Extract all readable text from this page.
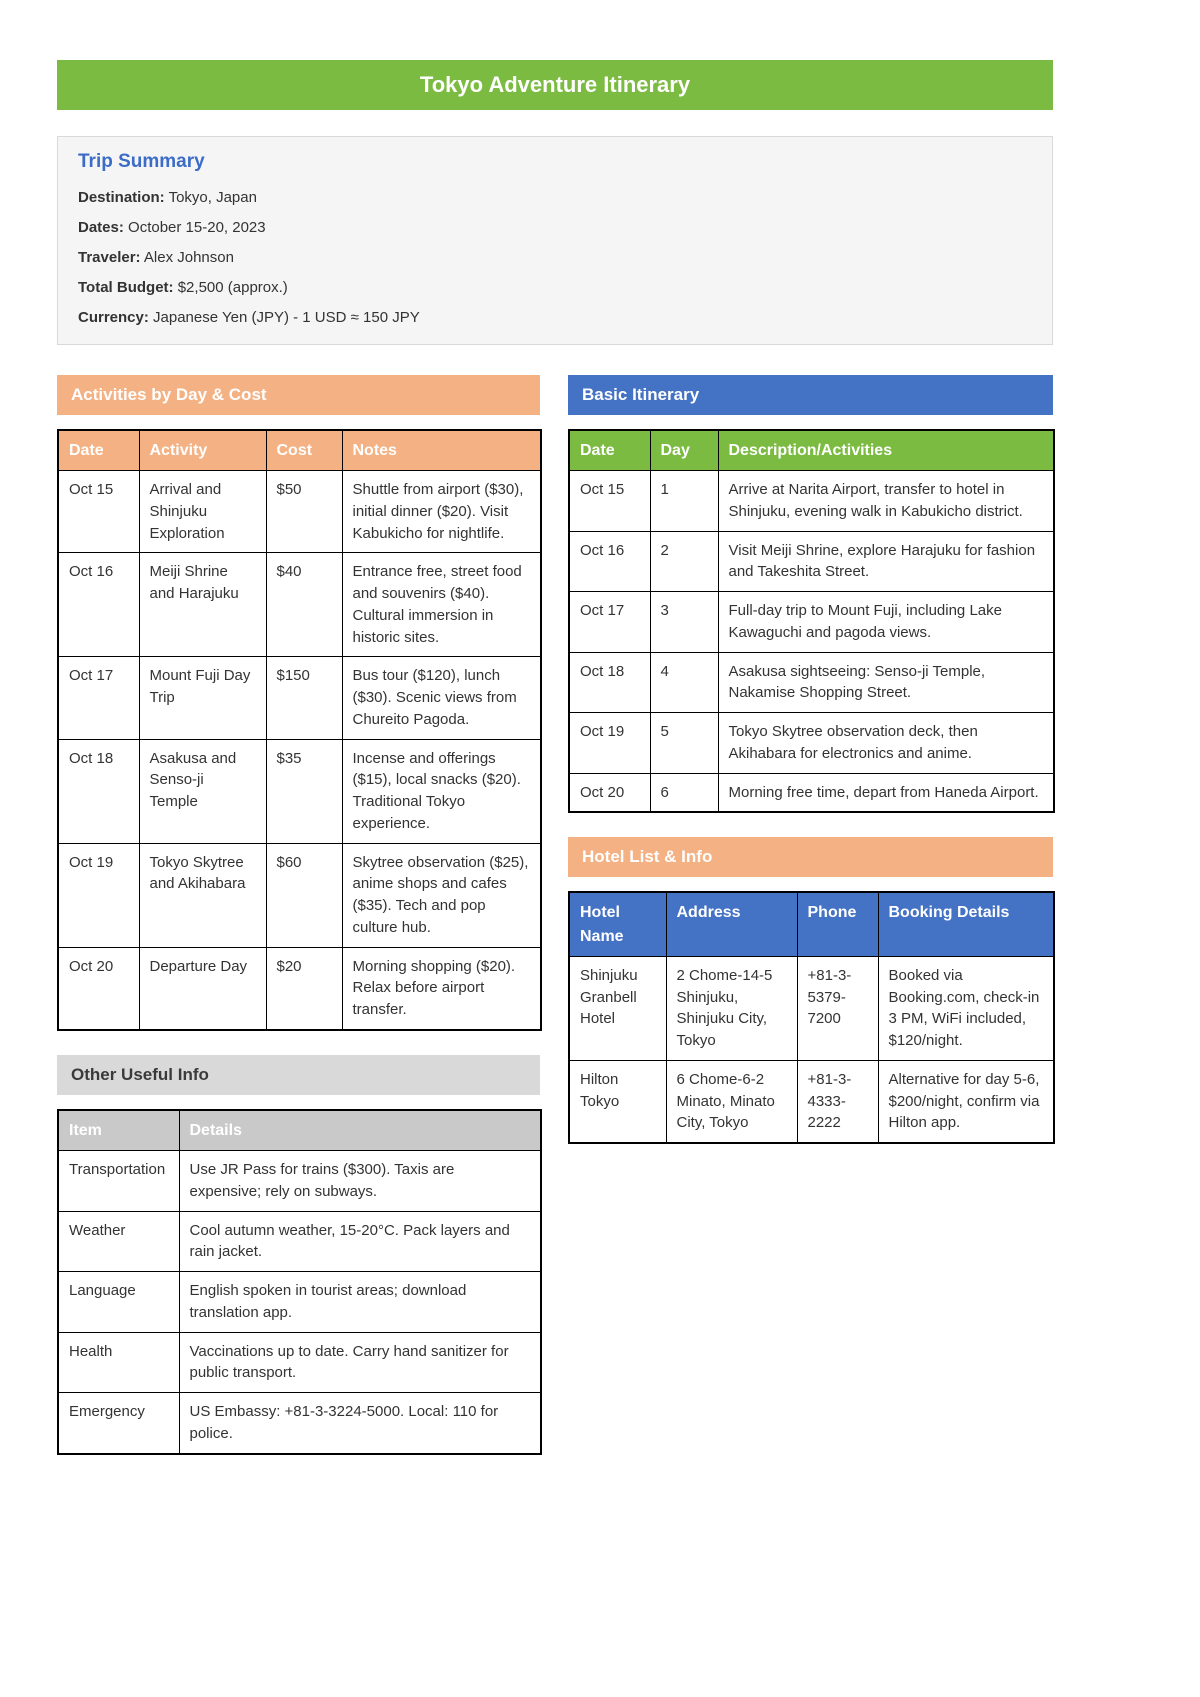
Tokyo Adventure Itinerary
Trip Summary

Destination: Tokyo, Japan

Dates: October 15-20, 2023

Traveler: Alex Johnson

Total Budget: $2,500 (approx.)

Currency: Japanese Yen (JPY) - 1 USD ≈ 150 JPY

Activities by Day & Cost
Date	Activity	Cost	Notes
Oct 15	Arrival and Shinjuku Exploration	$50	Shuttle from airport ($30), initial dinner ($20). Visit Kabukicho for nightlife.
Oct 16	Meiji Shrine and Harajuku	$40	Entrance free, street food and souvenirs ($40). Cultural immersion in historic sites.
Oct 17	Mount Fuji Day Trip	$150	Bus tour ($120), lunch ($30). Scenic views from Chureito Pagoda.
Oct 18	Asakusa and Senso-ji Temple	$35	Incense and offerings ($15), local snacks ($20). Traditional Tokyo experience.
Oct 19	Tokyo Skytree and Akihabara	$60	Skytree observation ($25), anime shops and cafes ($35). Tech and pop culture hub.
Oct 20	Departure Day	$20	Morning shopping ($20). Relax before airport transfer.
Other Useful Info
Item	Details
Transportation	Use JR Pass for trains ($300). Taxis are expensive; rely on subways.
Weather	Cool autumn weather, 15-20°C. Pack layers and rain jacket.
Language	English spoken in tourist areas; download translation app.
Health	Vaccinations up to date. Carry hand sanitizer for public transport.
Emergency	US Embassy: +81-3-3224-5000. Local: 110 for police.
Basic Itinerary
Date	Day	Description/Activities
Oct 15	1	Arrive at Narita Airport, transfer to hotel in Shinjuku, evening walk in Kabukicho district.
Oct 16	2	Visit Meiji Shrine, explore Harajuku for fashion and Takeshita Street.
Oct 17	3	Full-day trip to Mount Fuji, including Lake Kawaguchi and pagoda views.
Oct 18	4	Asakusa sightseeing: Senso-ji Temple, Nakamise Shopping Street.
Oct 19	5	Tokyo Skytree observation deck, then Akihabara for electronics and anime.
Oct 20	6	Morning free time, depart from Haneda Airport.
Hotel List & Info
Hotel Name	Address	Phone	Booking Details
Shinjuku Granbell Hotel	2 Chome-14-5 Shinjuku, Shinjuku City, Tokyo	+81-3-5379-7200	Booked via Booking.com, check-in 3 PM, WiFi included, $120/night.
Hilton Tokyo	6 Chome-6-2 Minato, Minato City, Tokyo	+81-3-4333-2222	Alternative for day 5-6, $200/night, confirm via Hilton app.
